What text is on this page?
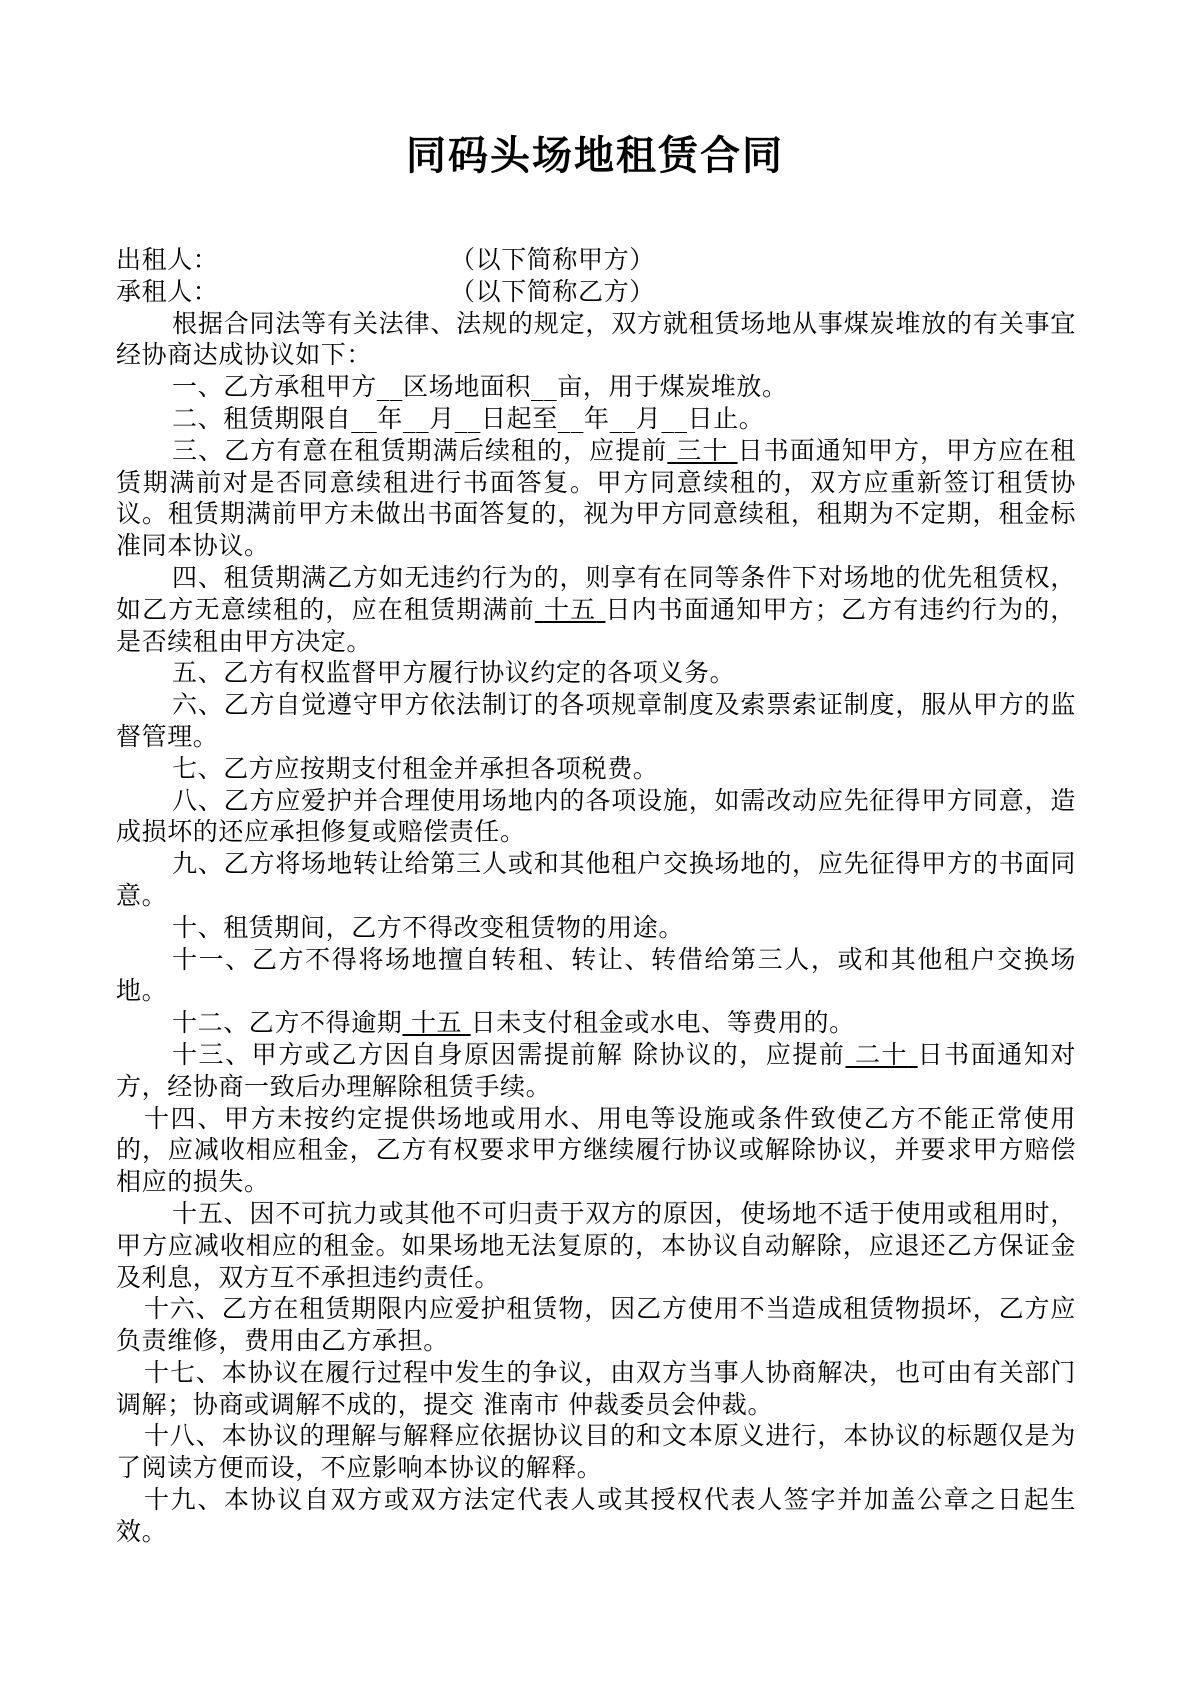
同码头场地租赁合同
出租人：	（以下简称甲方）
承租人：	（以下简称乙方）
根据合同法等有关法律、法规的规定，双方就租赁场地从事煤炭堆放的有关事宜经协商达成协议如下：
一、乙方承租甲方__区场地面积__亩，用于煤炭堆放。
二、租赁期限自__年__月__日起至__年__月__日止。
三、乙方有意在租赁期满后续租的，应提前 三十 日书面通知甲方，甲方应在租赁期满前对是否同意续租进行书面答复。甲方同意续租的，双方应重新签订租赁协议。租赁期满前甲方未做出书面答复的，视为甲方同意续租，租期为不定期，租金标准同本协议。
四、租赁期满乙方如无违约行为的，则享有在同等条件下对场地的优先租赁权，如乙方无意续租的，应在租赁期满前 十五 日内书面通知甲方；乙方有违约行为的，是否续租由甲方决定。
五、乙方有权监督甲方履行协议约定的各项义务。
六、乙方自觉遵守甲方依法制订的各项规章制度及索票索证制度，服从甲方的监督管理。
七、乙方应按期支付租金并承担各项税费。
八、乙方应爱护并合理使用场地内的各项设施，如需改动应先征得甲方同意，造成损坏的还应承担修复或赔偿责任。
九、乙方将场地转让给第三人或和其他租户交换场地的，应先征得甲方的书面同意。
十、租赁期间，乙方不得改变租赁物的用途。
十一、乙方不得将场地擅自转租、转让、转借给第三人，或和其他租户交换场地。
十二、乙方不得逾期 十五 日未支付租金或水电、等费用的。
十三、甲方或乙方因自身原因需提前解 除协议的，应提前 二十 日书面通知对方，经协商一致后办理解除租赁手续。
十四、甲方未按约定提供场地或用水、用电等设施或条件致使乙方不能正常使用的，应减收相应租金，乙方有权要求甲方继续履行协议或解除协议，并要求甲方赔偿相应的损失。
十五、因不可抗力或其他不可归责于双方的原因，使场地不适于使用或租用时，甲方应减收相应的租金。如果场地无法复原的，本协议自动解除，应退还乙方保证金及利息，双方互不承担违约责任。
十六、乙方在租赁期限内应爱护租赁物，因乙方使用不当造成租赁物损坏，乙方应负责维修，费用由乙方承担。
十七、本协议在履行过程中发生的争议，由双方当事人协商解决，也可由有关部门调解；协商或调解不成的，提交 淮南市 仲裁委员会仲裁。
十八、本协议的理解与解释应依据协议目的和文本原义进行，本协议的标题仅是为了阅读方便而设，不应影响本协议的解释。
十九、本协议自双方或双方法定代表人或其授权代表人签字并加盖公章之日起生效。
